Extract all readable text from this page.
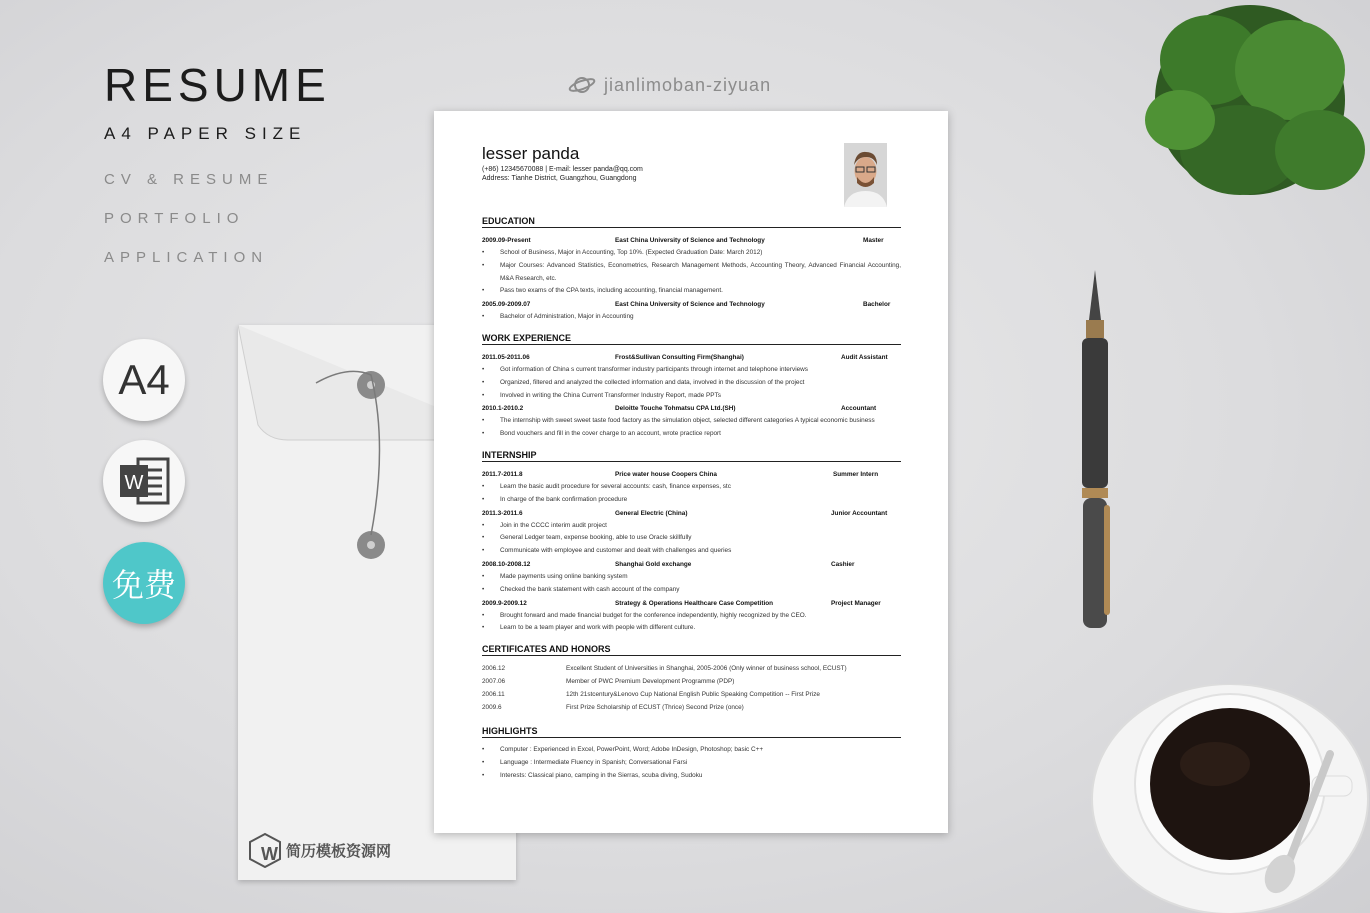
RESUME
A4 PAPER SIZE
CV & RESUME
PORTFOLIO
APPLICATION
A4
W
免费
jianlimoban-ziyuan
W 简历模板资源网
lesser panda
(+86) 12345670088 | E-mail: lesser panda@qq.com
Address: Tianhe District, Guangzhou, Guangdong
EDUCATION
2009.09-Present	East China University of Science and Technology	Master
• School of Business, Major in Accounting, Top 10%. (Expected Graduation Date: March 2012)
• Major Courses: Advanced Statistics, Econometrics, Research Management Methods, Accounting Theory, Advanced Financial Accounting, M&A Research, etc.
• Pass two exams of the CPA texts, including accounting, financial management.
2005.09-2009.07	East China University of Science and Technology	Bachelor
• Bachelor of Administration, Major in Accounting
WORK EXPERIENCE
2011.05-2011.06	Frost&Sullivan Consulting Firm(Shanghai)	Audit Assistant
• Got information of China s current transformer industry participants through internet and telephone interviews
• Organized, filtered and analyzed the collected information and data, involved in the discussion of the project
• Involved in writing the China Current Transformer Industry Report, made PPTs
2010.1-2010.2	Deloitte Touche Tohmatsu CPA Ltd.(SH)	Accountant
• The internship with sweet sweet taste food factory as the simulation object, selected different categories A typical economic business
• Bond vouchers and fill in the cover charge to an account, wrote practice report
INTERNSHIP
2011.7-2011.8	Price water house Coopers China	Summer Intern
• Learn the basic audit procedure for several accounts: cash, finance expenses, stc
• In charge of the bank confirmation procedure
2011.3-2011.6	General Electric (China)	Junior Accountant
• Join in the CCCC interim audit project
• General Ledger team, expense booking, able to use Oracle skillfully
• Communicate with employee and customer and dealt with challenges and queries
2008.10-2008.12	Shanghai Gold exchange	Cashier
• Made payments using online banking system
• Checked the bank statement with cash account of the company
2009.9-2009.12	Strategy & Operations Healthcare Case Competition	Project Manager
• Brought forward and made financial budget for the conference independently, highly recognized by the CEO.
• Learn to be a team player and work with people with different culture.
CERTIFICATES AND HONORS
2006.12	Excellent Student of Universities in Shanghai, 2005-2006 (Only winner of business school, ECUST)
2007.06	Member of PWC Premium Development Programme (PDP)
2006.11	12th 21stcentury&Lenovo Cup National English Public Speaking Competition -- First Prize
2009.6	First Prize Scholarship of ECUST (Thrice) Second Prize (once)
HIGHLIGHTS
• Computer : Experienced in Excel, PowerPoint, Word; Adobe InDesign, Photoshop; basic C++
• Language : Intermediate Fluency in Spanish; Conversational Farsi
• Interests: Classical piano, camping in the Sierras, scuba diving, Sudoku
